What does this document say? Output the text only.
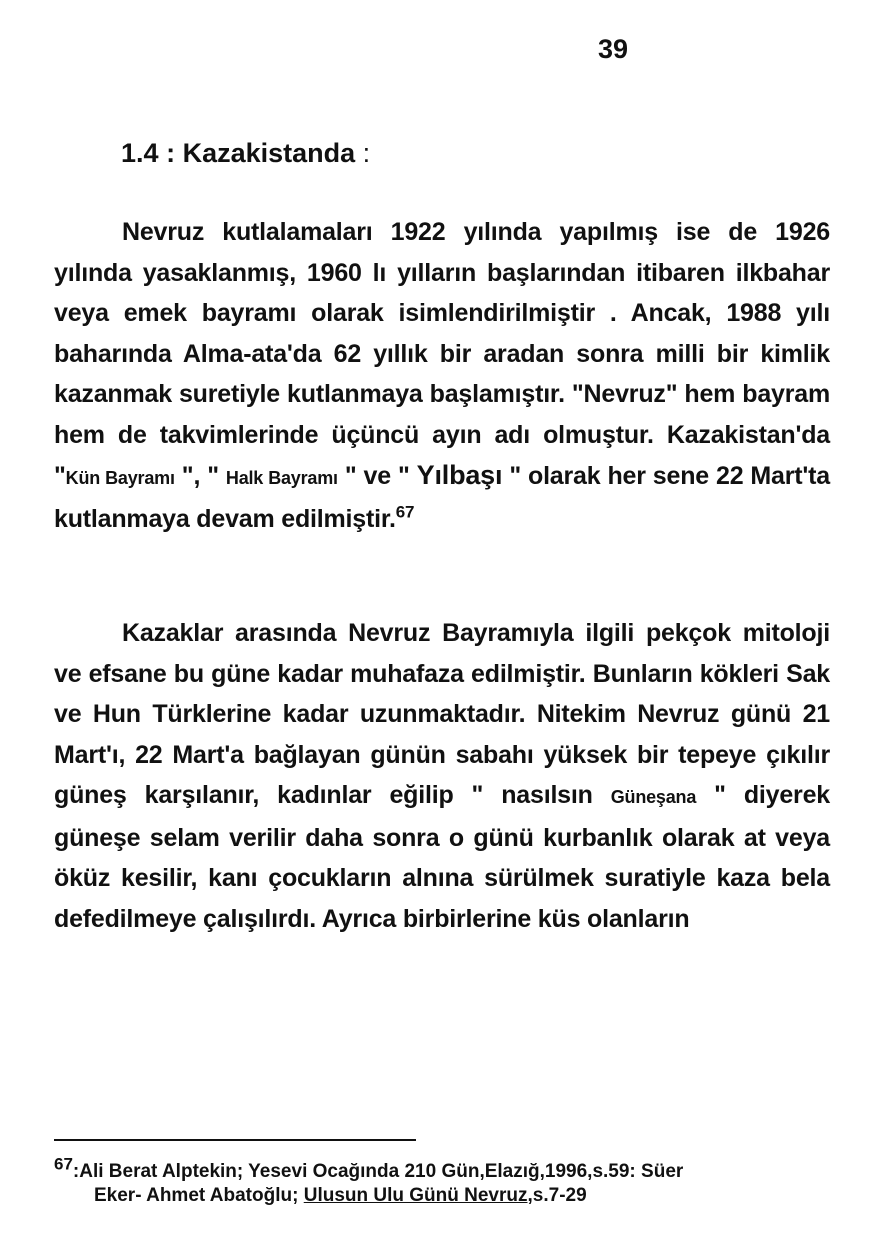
39
1.4 : Kazakistanda :
Nevruz kutlalamaları 1922 yılında yapılmış ise de 1926 yılında yasaklanmış, 1960 lı yılların başlarından itibaren ilkbahar veya emek bayramı olarak isimlendirilmiştir . Ancak, 1988 yılı baharında Alma-ata'da 62 yıllık bir aradan sonra milli bir kimlik kazanmak suretiyle kutlanmaya başlamıştır. "Nevruz" hem bayram hem de takvimlerinde üçüncü ayın adı olmuştur. Kazakistan'da "Kün Bayramı ", " Halk Bayramı " ve " Yılbaşı " olarak her sene 22 Mart'ta kutlanmaya devam edilmiştir.$^{67}$
Kazaklar arasında Nevruz Bayramıyla ilgili pekçok mitoloji ve efsane bu güne kadar muhafaza edilmiştir. Bunların kökleri Sak ve Hun Türklerine kadar uzunmaktadır. Nitekim Nevruz günü 21 Mart'ı, 22 Mart'a bağlayan günün sabahı yüksek bir tepeye çıkılır güneş karşılanır, kadınlar eğilip " nasılsın Güneşana " diyerek güneşe selam verilir daha sonra o günü kurbanlık olarak at veya öküz kesilir, kanı çocukların alnına sürülmek suratiyle kaza bela defedilmeye çalışılırdı. Ayrıca birbirlerine küs olanların
67:Ali Berat Alptekin; Yesevi Ocağında 210 Gün,Elazığ,1996,s.59: Süer
Eker- Ahmet Abatoğlu; Ulusun Ulu Günü Nevruz,s.7-29
